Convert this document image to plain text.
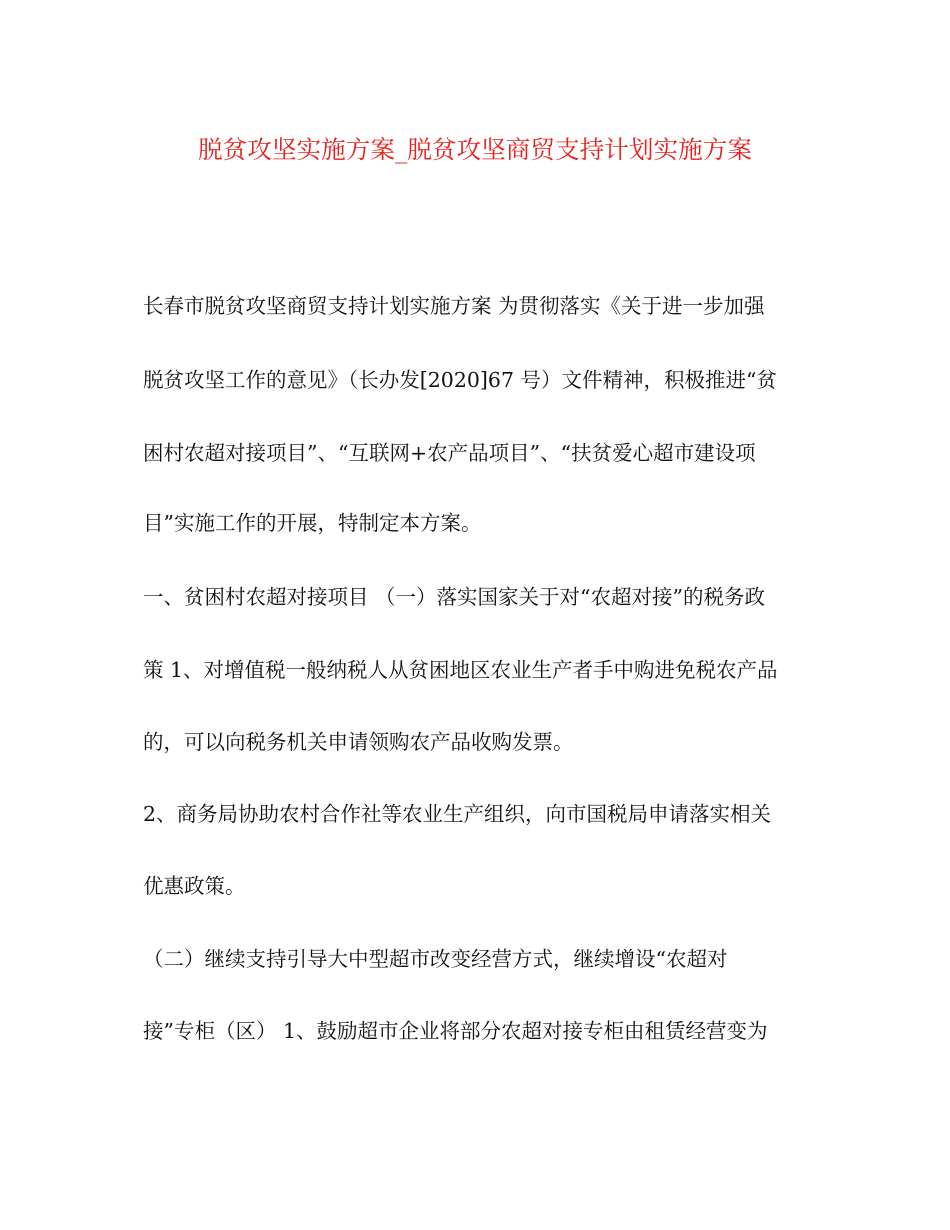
脱贫攻坚实施方案_脱贫攻坚商贸支持计划实施方案
长春市脱贫攻坚商贸支持计划实施方案 为贯彻落实《关于进一步加强
脱贫攻坚工作的意见》（长办发[2020]67 号）文件精神，积极推进“贫
困村农超对接项目”、“互联网+农产品项目”、“扶贫爱心超市建设项
目”实施工作的开展，特制定本方案。
一、贫困村农超对接项目 （一）落实国家关于对“农超对接”的税务政
策 1、对增值税一般纳税人从贫困地区农业生产者手中购进免税农产品
的，可以向税务机关申请领购农产品收购发票。
2、商务局协助农村合作社等农业生产组织，向市国税局申请落实相关
优惠政策。
（二）继续支持引导大中型超市改变经营方式，继续增设“农超对
接”专柜（区） 1、鼓励超市企业将部分农超对接专柜由租赁经营变为
